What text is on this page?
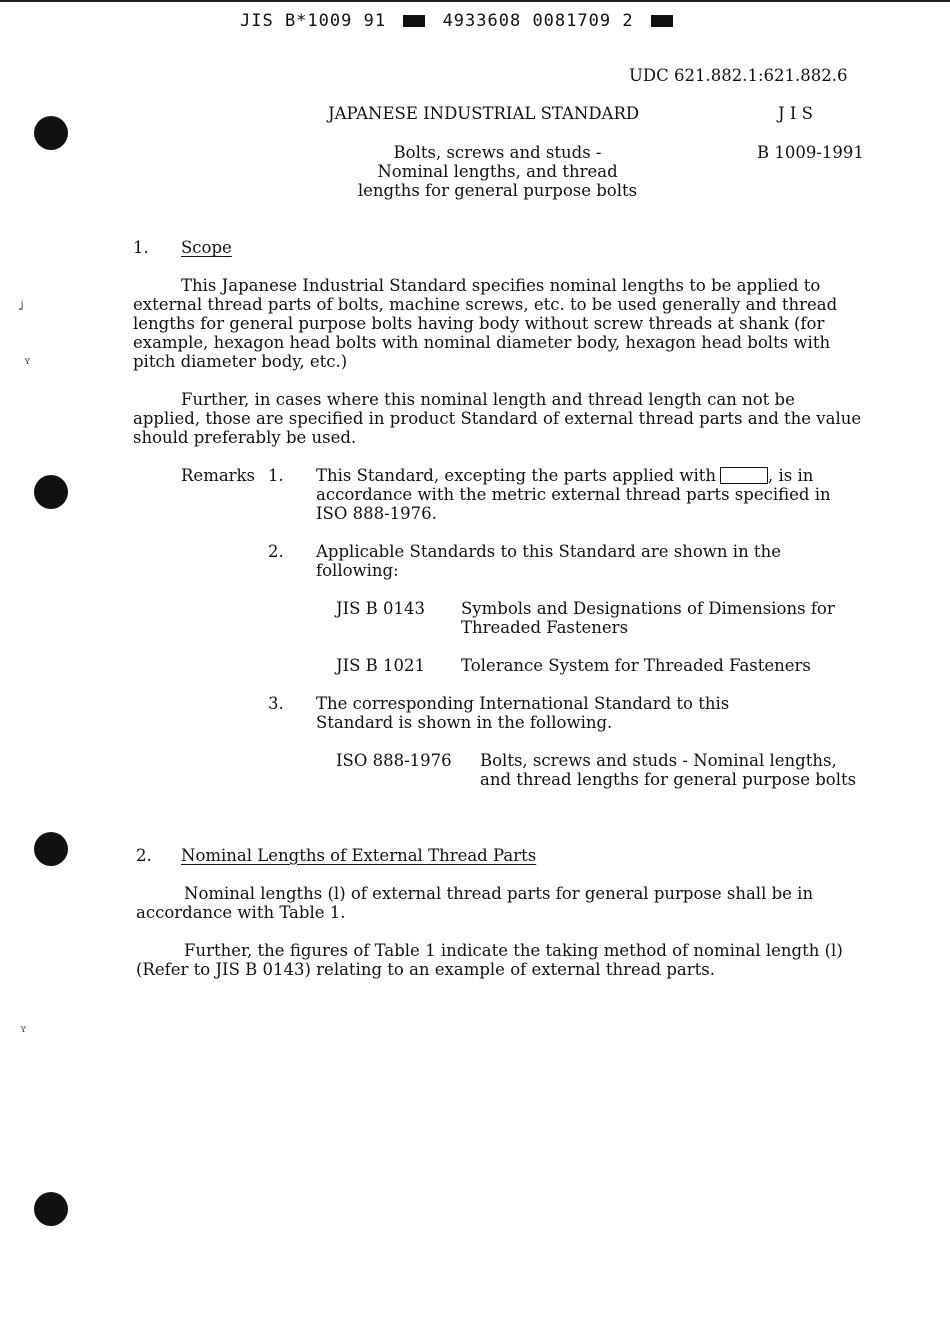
JIS B*1009 91	4933608 0081709 2
ʝ
ʏ
ʏ
UDC 621.882.1:621.882.6
JAPANESE INDUSTRIAL STANDARD	J I S
Bolts, screws and studs -
Nominal lengths, and thread
lengths for general purpose bolts
B 1009-1991
1. Scope
This Japanese Industrial Standard specifies nominal lengths to be applied to external thread parts of bolts, machine screws, etc. to be used generally and thread lengths for general purpose bolts having body without screw threads at shank (for example, hexagon head bolts with nominal diameter body, hexagon head bolts with pitch diameter body, etc.)
Further, in cases where this nominal length and thread length can not be applied, those are specified in product Standard of external thread parts and the value should preferably be used.
Remarks 1. This Standard, excepting the parts applied with	, is in accordance with the metric external thread parts specified in ISO 888-1976.
2. Applicable Standards to this Standard are shown in the following:
JIS B 0143 Symbols and Designations of Dimensions for Threaded Fasteners
JIS B 1021 Tolerance System for Threaded Fasteners
3. The corresponding International Standard to this Standard is shown in the following.
ISO 888-1976 Bolts, screws and studs - Nominal lengths, and thread lengths for general purpose bolts
2. Nominal Lengths of External Thread Parts
Nominal lengths (l) of external thread parts for general purpose shall be in accordance with Table 1.
Further, the figures of Table 1 indicate the taking method of nominal length (l) (Refer to JIS B 0143) relating to an example of external thread parts.
